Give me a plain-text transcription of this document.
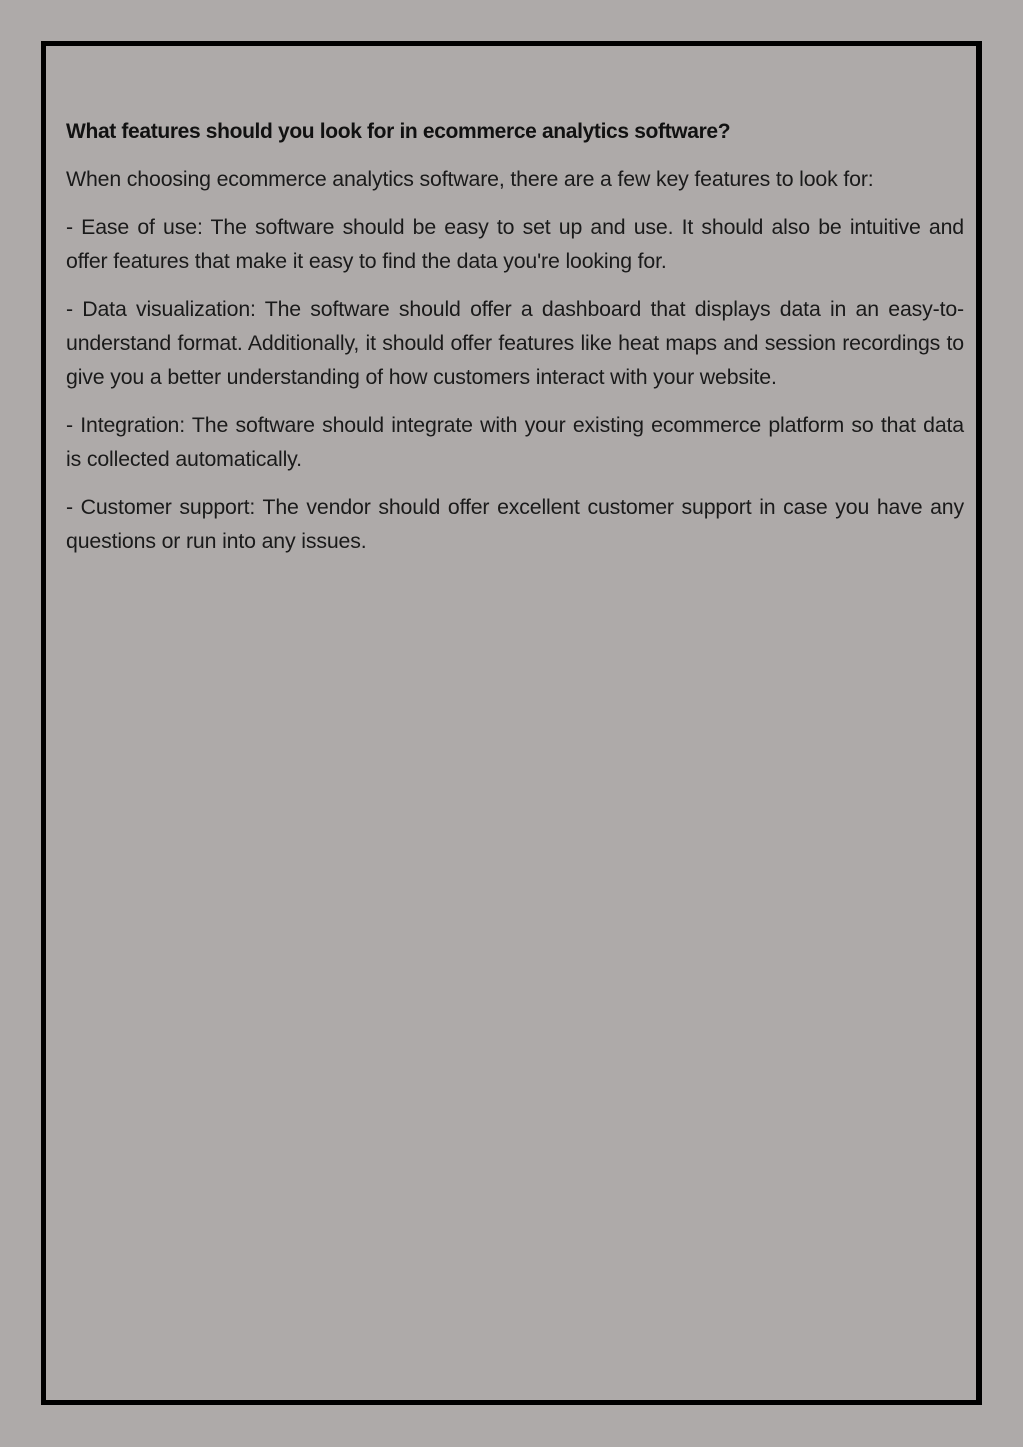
What features should you look for in ecommerce analytics software?

When choosing ecommerce analytics software, there are a few key features to look for:

- Ease of use: The software should be easy to set up and use. It should also be intuitive and offer features that make it easy to find the data you're looking for.

- Data visualization: The software should offer a dashboard that displays data in an easy-to-understand format. Additionally, it should offer features like heat maps and session recordings to give you a better understanding of how customers interact with your website.

- Integration: The software should integrate with your existing ecommerce platform so that data is collected automatically.

- Customer support: The vendor should offer excellent customer support in case you have any questions or run into any issues.
